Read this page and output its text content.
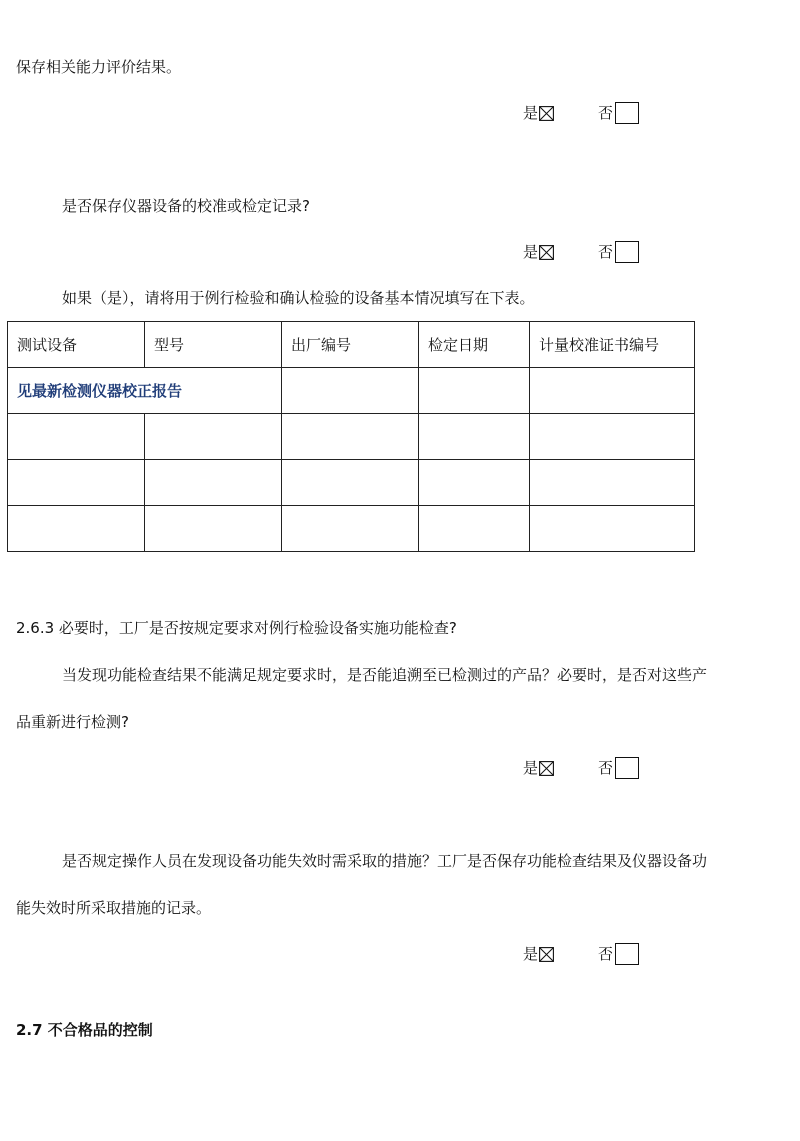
保存相关能力评价结果。
是	否
是否保存仪器设备的校准或检定记录?
是	否
如果（是），请将用于例行检验和确认检验的设备基本情况填写在下表。
测试设备	型号	出厂编号	检定日期	计量校准证书编号
见最新检测仪器校正报告				

2.6.3 必要时，工厂是否按规定要求对例行检验设备实施功能检查?
当发现功能检查结果不能满足规定要求时，是否能追溯至已检测过的产品？必要时，是否对这些产
品重新进行检测?
是	否
是否规定操作人员在发现设备功能失效时需采取的措施？工厂是否保存功能检查结果及仪器设备功
能失效时所采取措施的记录。
是	否
2.7 不合格品的控制
